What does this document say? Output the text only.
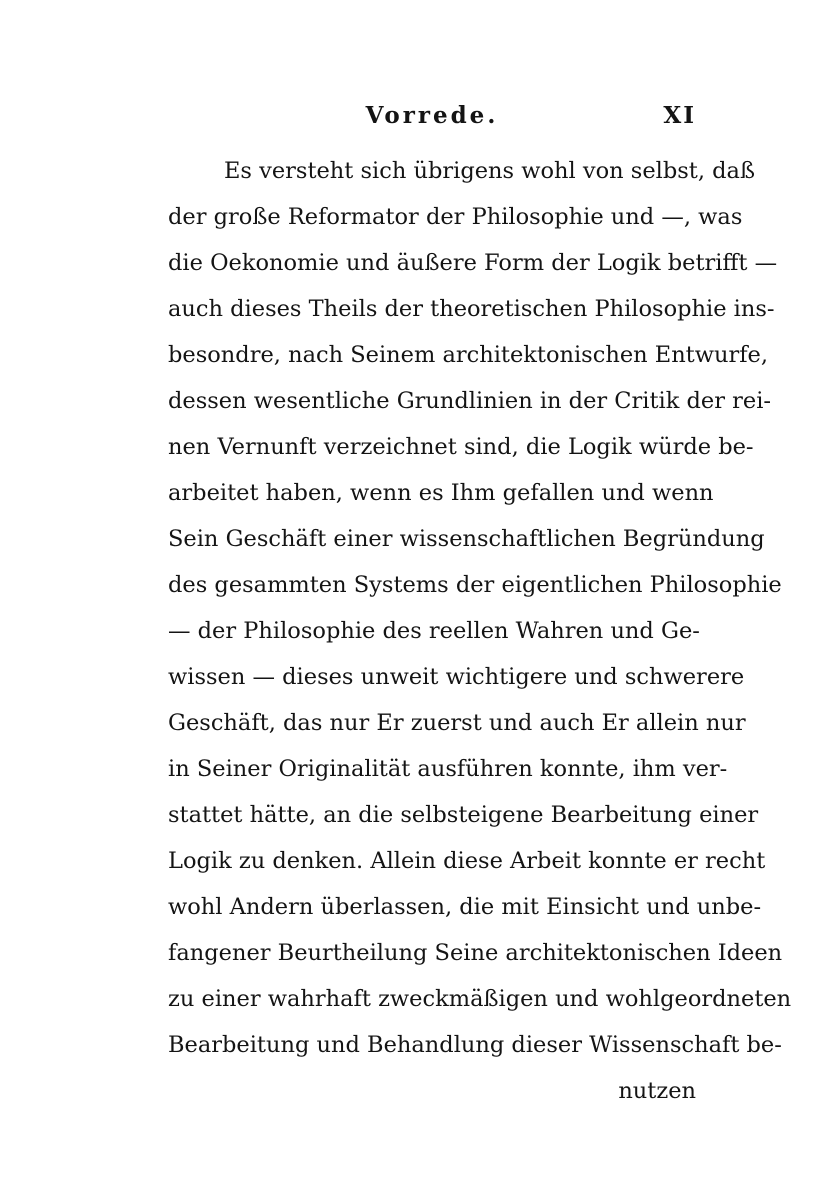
Vorrede.	XI
Es versteht sich übrigens wohl von selbst, daß
der große Reformator der Philosophie und —, was
die Oekonomie und äußere Form der Logik betrifft —
auch dieses Theils der theoretischen Philosophie ins-
besondre, nach Seinem architektonischen Entwurfe,
dessen wesentliche Grundlinien in der Critik der rei-
nen Vernunft verzeichnet sind, die Logik würde be-
arbeitet haben, wenn es Ihm gefallen und wenn
Sein Geschäft einer wissenschaftlichen Begründung
des gesammten Systems der eigentlichen Philosophie
— der Philosophie des reellen Wahren und Ge-
wissen — dieses unweit wichtigere und schwerere
Geschäft, das nur Er zuerst und auch Er allein nur
in Seiner Originalität ausführen konnte, ihm ver-
stattet hätte, an die selbsteigene Bearbeitung einer
Logik zu denken. Allein diese Arbeit konnte er recht
wohl Andern überlassen, die mit Einsicht und unbe-
fangener Beurtheilung Seine architektonischen Ideen
zu einer wahrhaft zweckmäßigen und wohlgeordneten
Bearbeitung und Behandlung dieser Wissenschaft be-
nutzen
